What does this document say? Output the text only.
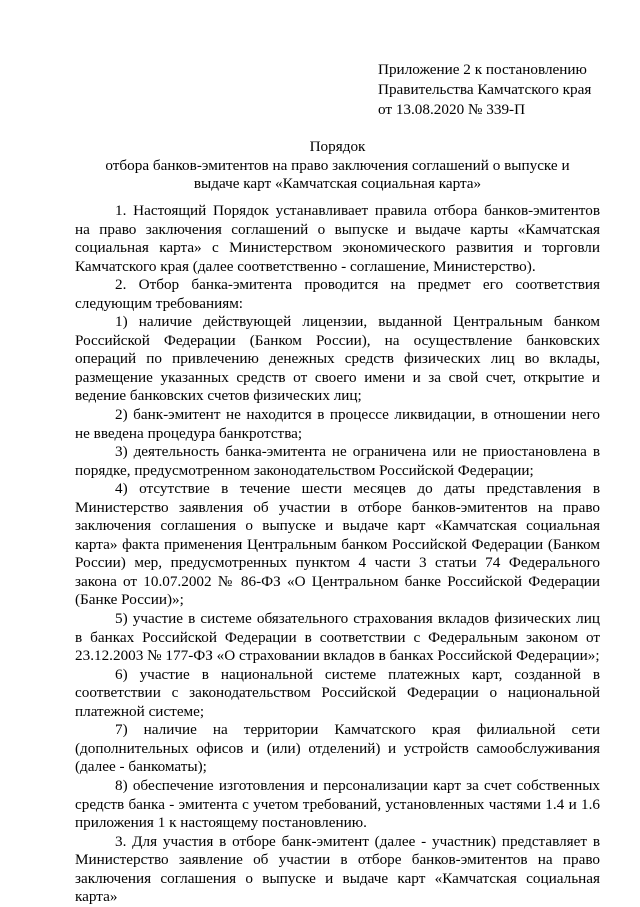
Приложение 2 к постановлению
Правительства Камчатского края
от 13.08.2020 № 339-П
Порядок
отбора банков-эмитентов на право заключения соглашений о выпуске и выдаче карт «Камчатская социальная карта»

1. Настоящий Порядок устанавливает правила отбора банков-эмитентов на право заключения соглашений о выпуске и выдаче карты «Камчатская социальная карта» с Министерством экономического развития и торговли Камчатского края (далее соответственно - соглашение, Министерство).

2. Отбор банка-эмитента проводится на предмет его соответствия следующим требованиям:

1) наличие действующей лицензии, выданной Центральным банком Российской Федерации (Банком России), на осуществление банковских операций по привлечению денежных средств физических лиц во вклады, размещение указанных средств от своего имени и за свой счет, открытие и ведение банковских счетов физических лиц;

2) банк-эмитент не находится в процессе ликвидации, в отношении него не введена процедура банкротства;

3) деятельность банка-эмитента не ограничена или не приостановлена в порядке, предусмотренном законодательством Российской Федерации;

4) отсутствие в течение шести месяцев до даты представления в Министерство заявления об участии в отборе банков-эмитентов на право заключения соглашения о выпуске и выдаче карт «Камчатская социальная карта» факта применения Центральным банком Российской Федерации (Банком России) мер, предусмотренных пунктом 4 части 3 статьи 74 Федерального закона от 10.07.2002 № 86-ФЗ «О Центральном банке Российской Федерации (Банке России)»;

5) участие в системе обязательного страхования вкладов физических лиц в банках Российской Федерации в соответствии с Федеральным законом от 23.12.2003 № 177-ФЗ «О страховании вкладов в банках Российской Федерации»;

6) участие в национальной системе платежных карт, созданной в соответствии с законодательством Российской Федерации о национальной платежной системе;

7) наличие на территории Камчатского края филиальной сети (дополнительных офисов и (или) отделений) и устройств самообслуживания (далее - банкоматы);

8) обеспечение изготовления и персонализации карт за счет собственных средств банка - эмитента с учетом требований, установленных частями 1.4 и 1.6 приложения 1 к настоящему постановлению.

3. Для участия в отборе банк-эмитент (далее - участник) представляет в Министерство заявление об участии в отборе банков-эмитентов на право заключения соглашения о выпуске и выдаче карт «Камчатская социальная карта»
